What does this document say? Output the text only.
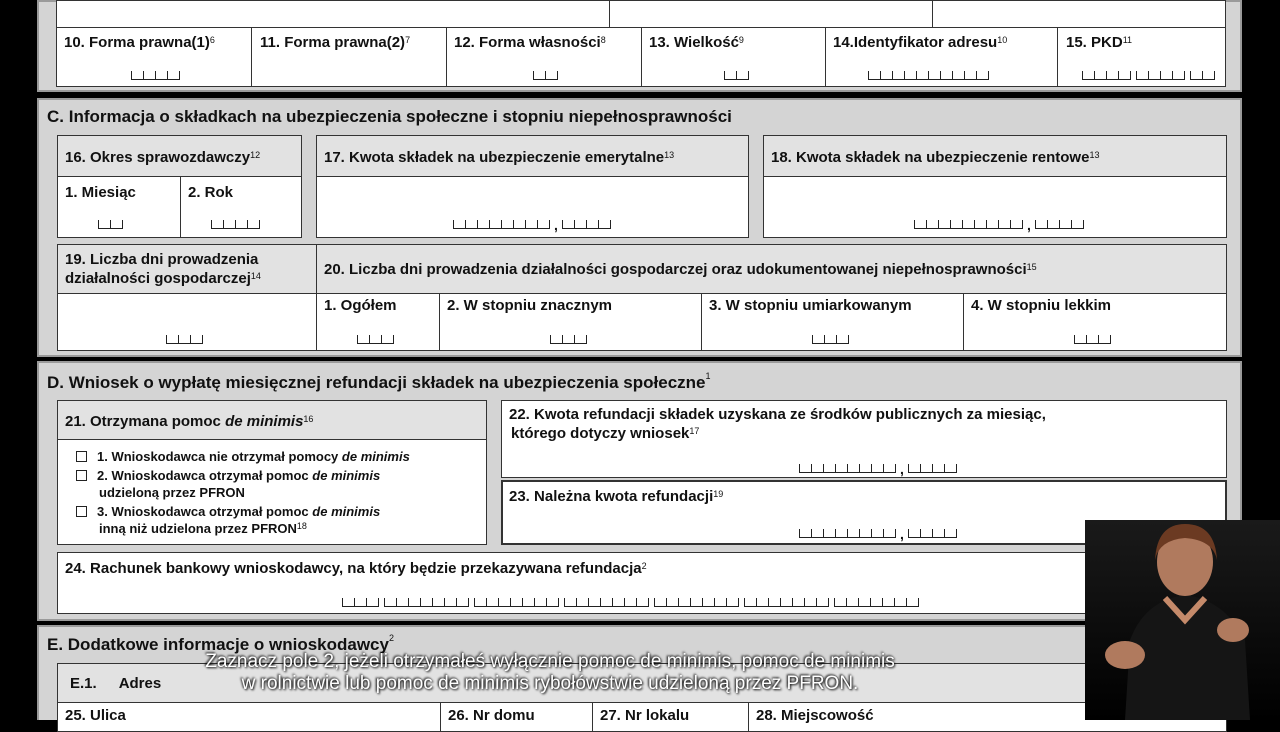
10. Forma $prawna(1)^6$	11. Forma $prawna(2)^7$	12. Forma własności$^8$	13. Wielkość$^9$	14.Identyfikator adresu$^{10}$	15. PKD$^{11}$
C. Informacja o składkach na ubezpieczenia społeczne i stopniu niepełnosprawności
16. Okres sprawozdawczy$^{12}$
1. Miesiąc	2. Rok
17. Kwota składek na ubezpieczenie emerytalne$^{13}$
,
18. Kwota składek na ubezpieczenie rentowe$^{13}$
,
19. Liczba dni prowadzenia
działalności gospodarczej$^{14}$	20. Liczba dni prowadzenia działalności gospodarczej oraz udokumentowanej niepełnosprawności$^{15}$
1. Ogółem	2. W stopniu znacznym	3. W stopniu umiarkowanym	4. W stopniu lekkim
D. Wniosek o wypłatę miesięcznej refundacji składek na ubezpieczenia społeczne$^1$
21. Otrzymana pomoc de minimis$^{16}$
1. Wnioskodawca nie otrzymał pomocy de minimis
2. Wnioskodawca otrzymał pomoc de minimis
udzieloną przez PFRON
3. Wnioskodawca otrzymał pomoc de minimis
inną niż udzielona przez PFRON$^{18}$
22. Kwota refundacji składek uzyskana ze środków publicznych za miesiąc,
którego dotyczy wniosek$^{17}$
,
23. Należna kwota refundacji$^{19}$
,
24. Rachunek bankowy wnioskodawcy, na który będzie przekazywana refundacja$^2$
E. Dodatkowe informacje o wnioskodawcy$^2$
E.1. Adres
25. Ulica	26. Nr domu	27. Nr lokalu	28. Miejscowość
Zaznacz pole 2, jeżeli otrzymałeś wyłącznie pomoc de minimis, pomoc de minimis
w rolnictwie lub pomoc de minimis rybołówstwie udzieloną przez PFRON.
